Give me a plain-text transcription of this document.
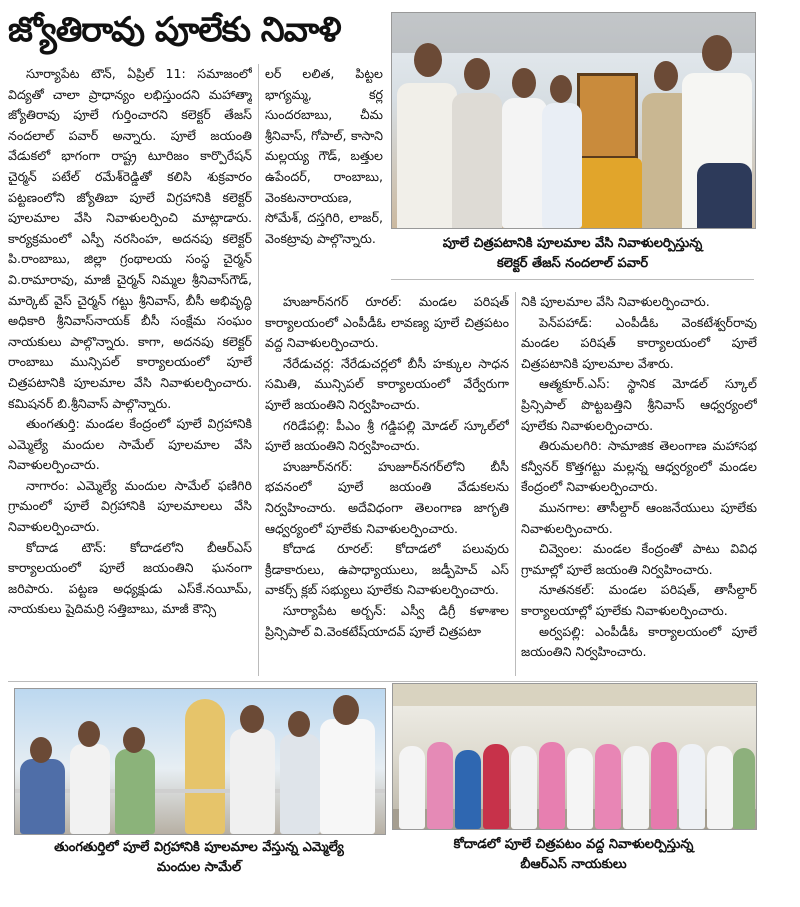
జ్యోతిరావు పూలేకు నివాళి
పూలే చిత్రపటానికి పూలమాల వేసి నివాళులర్పిస్తున్న
కలెక్టర్ తేజస్ నందలాల్ పవార్

సూర్యాపేట టౌన్, ఏప్రిల్ 11: సమాజంలో విద్యతో చాలా ప్రాధాన్యం లభిస్తుందని మహాత్మా జ్యోతిరావు పూలే గుర్తించారని కలెక్టర్ తేజస్ నందలాల్ పవార్ అన్నారు. పూలే జయంతి వేడుకలో భాగంగా రాష్ట్ర టూరిజం కార్పొరేషన్ చైర్మన్ పటేల్ రమేశ్‌రెడ్డితో కలిసి శుక్రవారం పట్టణంలోని జ్యోతిబా పూలే విగ్రహానికి కలెక్టర్ పూలమాల వేసి నివాళులర్పించి మాట్లాడారు. కార్యక్రమంలో ఎస్పీ నరసింహ, అదనపు కలెక్టర్ పి.రాంబాబు, జిల్లా గ్రంథాలయ సంస్థ చైర్మన్ వి.రామారావు, మాజీ చైర్మన్ నిమ్మల శ్రీనివాస్‌గౌడ్, మార్కెట్ వైస్ చైర్మన్ గట్టు శ్రీనివాస్, బీసీ అభివృద్ధి అధికారి శ్రీనివాస్‌నాయక్ బీసీ సంక్షేమ సంఘం నాయకులు పాల్గొన్నారు. కాగా, అదనపు కలెక్టర్ రాంబాబు మున్సిపల్ కార్యాలయంలో పూలే చిత్రపటానికి పూలమాల వేసి నివాళులర్పించారు. కమిషనర్ బి.శ్రీనివాస్ పాల్గొన్నారు.

తుంగతుర్తి: మండల కేంద్రంలో పూలే విగ్రహానికి ఎమ్మెల్యే మందుల సామేల్ పూలమాల వేసి నివాళులర్పించారు.

నాగారం: ఎమ్మెల్యే మందుల సామేల్ ఫణిగిరి గ్రామంలో పూలే విగ్రహానికి పూలమాలలు వేసి నివాళులర్పించారు.

కోదాడ టౌన్: కోదాడలోని బీఆర్ఎస్ కార్యాలయంలో పూలే జయంతిని ఘనంగా జరిపారు. పట్టణ అధ్యక్షుడు ఎస్‌కే.నయీమ్, నాయకులు షైదిమర్రి సత్తిబాబు, మాజీ కౌన్సి

లర్ లలిత, పిట్టల భాగ్యమ్మ, కర్ల సుందరబాబు, చీమ శ్రీనివాస్, గోపాల్, కాసాని మల్లయ్య గౌడ్, బత్తుల ఉపేందర్, రాంబాబు, వెంకటనారాయణ, సోమేశ్, దస్తగిరి, లాజర్, వెంకట్రావు పాల్గొన్నారు.

హుజూర్‌నగర్ రూరల్: మండల పరిషత్ కార్యాలయంలో ఎంపీడీఓ లావణ్య పూలే చిత్రపటం వద్ద నివాళులర్పించారు.

నేరేడుచర్ల: నేరేడుచర్లలో బీసీ హక్కుల సాధన సమితి, మున్సిపల్ కార్యాలయంలో వేర్వేరుగా పూలే జయంతిని నిర్వహించారు.

గరిడేపల్లి: పీఎం శ్రీ గడ్డిపల్లి మోడల్ స్కూల్‌లో పూలే జయంతిని నిర్వహించారు.

హుజూర్‌నగర్: హుజూర్‌నగర్‌లోని బీసీ భవనంలో పూలే జయంతి వేడుకలను నిర్వహించారు. అదేవిధంగా తెలంగాణ జాగృతి ఆధ్వర్యంలో పూలేకు నివాళులర్పించారు.

కోదాడ రూరల్: కోదాడలో పలువురు క్రీడాకారులు, ఉపాధ్యాయులు, జడ్పీహెచ్ ఎస్ వాకర్స్ క్లబ్ సభ్యులు పూలేకు నివాళులర్పించారు.

సూర్యాపేట అర్బన్: ఎస్వీ డిగ్రీ కళాశాల ప్రిన్సిపాల్ వి.వెంకటేష్‌యాదవ్ పూలే చిత్రపటా

నికి పూలమాల వేసి నివాళులర్పించారు.

పెన్‌పహాడ్: ఎంపీడీఓ వెంకటేశ్వర్‌రావు మండల పరిషత్ కార్యాలయంలో పూలే చిత్రపటానికి పూలమాల వేశారు.

ఆత్మకూర్.ఎస్: స్థానిక మోడల్ స్కూల్ ప్రిన్సిపాల్ పొట్టబత్తిని శ్రీనివాస్ ఆధ్వర్యంలో పూలేకు నివాళులర్పించారు.

తిరుమలగిరి: సామాజిక తెలంగాణ మహాసభ కన్వీనర్ కొత్తగట్టు మల్లన్న ఆధ్వర్యంలో మండల కేంద్రంలో నివాళులర్పించారు.

మునగాల: తాసీల్దార్ ఆంజనేయులు పూలేకు నివాళులర్పించారు.

చివ్వెంల: మండల కేంద్రంతో పాటు వివిధ గ్రామాల్లో పూలే జయంతి నిర్వహించారు.

నూతనకల్: మండల పరిషత్, తాసీల్దార్ కార్యాలయాల్లో పూలేకు నివాళులర్పించారు.

అర్వపల్లి: ఎంపీడీఓ కార్యాలయంలో పూలే జయంతిని నిర్వహించారు.

తుంగతుర్తిలో పూలే విగ్రహానికి పూలమాల వేస్తున్న ఎమ్మెల్యే
మందుల సామేల్
కోదాడలో పూలే చిత్రపటం వద్ద నివాళులర్పిస్తున్న
బీఆర్ఎస్ నాయకులు
